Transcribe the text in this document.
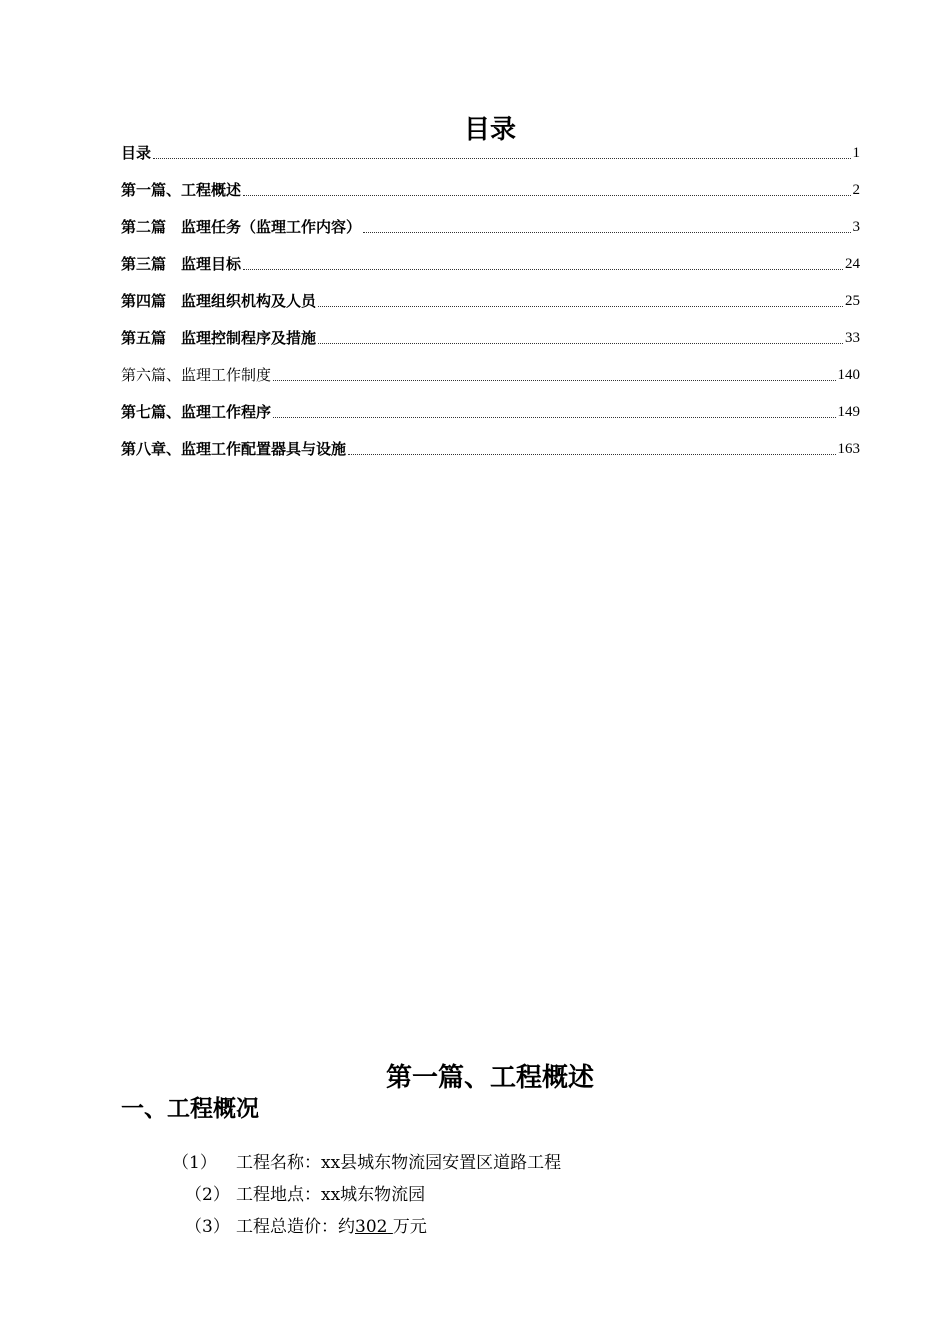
目录
目录	1
第一篇、工程概述	2
第二篇　监理任务（监理工作内容）	3
第三篇　监理目标	24
第四篇　监理组织机构及人员	25
第五篇　监理控制程序及措施	33
第六篇、监理工作制度	140
第七篇、监理工作程序	149
第八章、监理工作配置器具与设施	163
第一篇、工程概述
一、工程概况
（1） 工程名称：xx县城东物流园安置区道路工程
（2） 工程地点：xx城东物流园
（3） 工程总造价：约302 万元
